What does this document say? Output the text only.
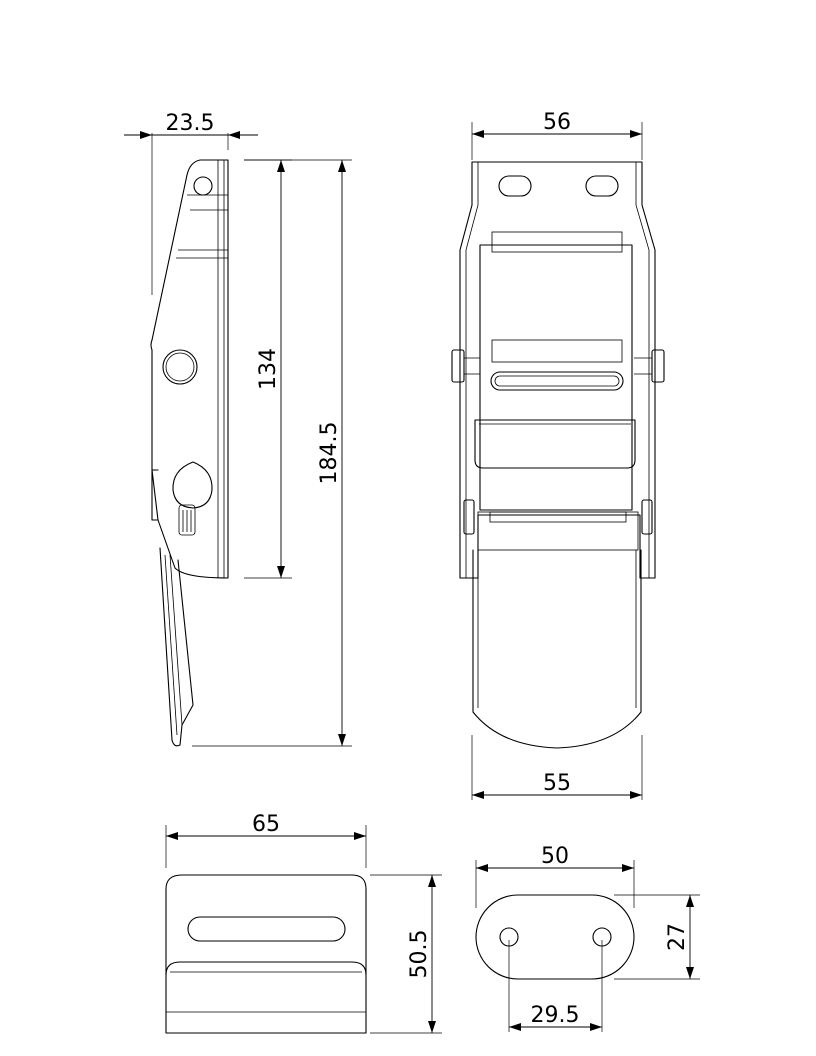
23.5
134
184.5
56
55
65
50.5
50
27
29.5
